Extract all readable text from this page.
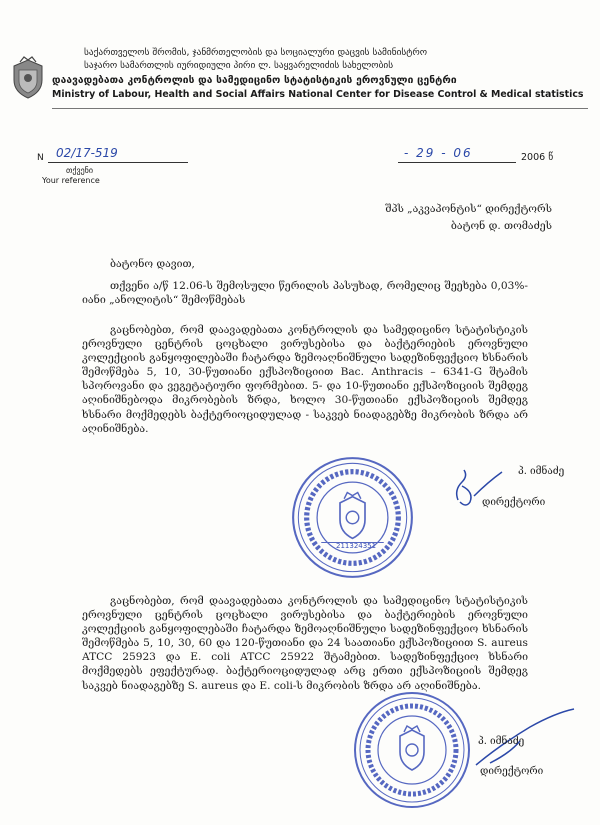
საქართველოს შრომის, ჯანმრთელობის და სოციალური დაცვის სამინისტრო
საჯარო სამართლის იურიდიული პირი ლ. საყვარელიძის სახელობის
დაავადებათა კონტროლის და სამედიცინო სტატისტიკის ეროვნული ცენტრი
Ministry of Labour, Health and Social Affairs National Center for Disease Control & Medical statistics
N 02/17-519
თქვენი
Your reference
- 29 - 06	2006 წ
შპს „აკვაპონტის“ დირექტორს
ბატონ დ. თომაძეს
ბატონო დავით,

თქვენი ა/წ 12.06-ს შემოსული წერილის პასუხად, რომელიც შეეხება 0,03%-იანი „ანოლიტის“ შემოწმებას

გაცნობებთ, რომ დაავადებათა კონტროლის და სამედიცინო სტატისტიკის ეროვნული ცენტრის ცოცხალი ვირუსებისა და ბაქტერიების ეროვნული კოლექციის განყოფილებაში ჩატარდა ზემოაღნიშნული სადეზინფექციო ხსნარის შემოწმება 5, 10, 30-წუთიანი ექსპოზიციით Bac. Anthracis – 6341-G შტამის სპოროვანი და ვეგეტატიური ფორმებით. 5- და 10-წუთიანი ექსპოზიციის შემდეგ აღინიშნებოდა მიკრობების ზრდა, ხოლო 30-წუთიანი ექსპოზიციის შემდეგ ხსნარი მოქმედებს ბაქტერიოციდულად - საკვებ ნიადაგებზე მიკრობის ზრდა არ აღინიშნება.

211324351
პ. იმნაძე
დირექტორი

გაცნობებთ, რომ დაავადებათა კონტროლის და სამედიცინო სტატისტიკის ეროვნული ცენტრის ცოცხალი ვირუსებისა და ბაქტერიების ეროვნული კოლექციის განყოფილებაში ჩატარდა ზემოაღნიშნული სადეზინფექციო ხსნარის შემოწმება 5, 10, 30, 60 და 120-წუთიანი და 24 საათიანი ექსპოზიციით S. aureus ATCC 25923 და E. coli ATCC 25922 შტამებით. სადეზინფექციო ხსნარი მოქმედებს ეფექტურად. ბაქტერიოციდულად არც ერთი ექსპოზიციის შემდეგ საკვებ ნიადაგებზე S. aureus და E. coli-ს მიკრობის ზრდა არ აღინიშნება.

პ. იმნაძე
დირექტორი
